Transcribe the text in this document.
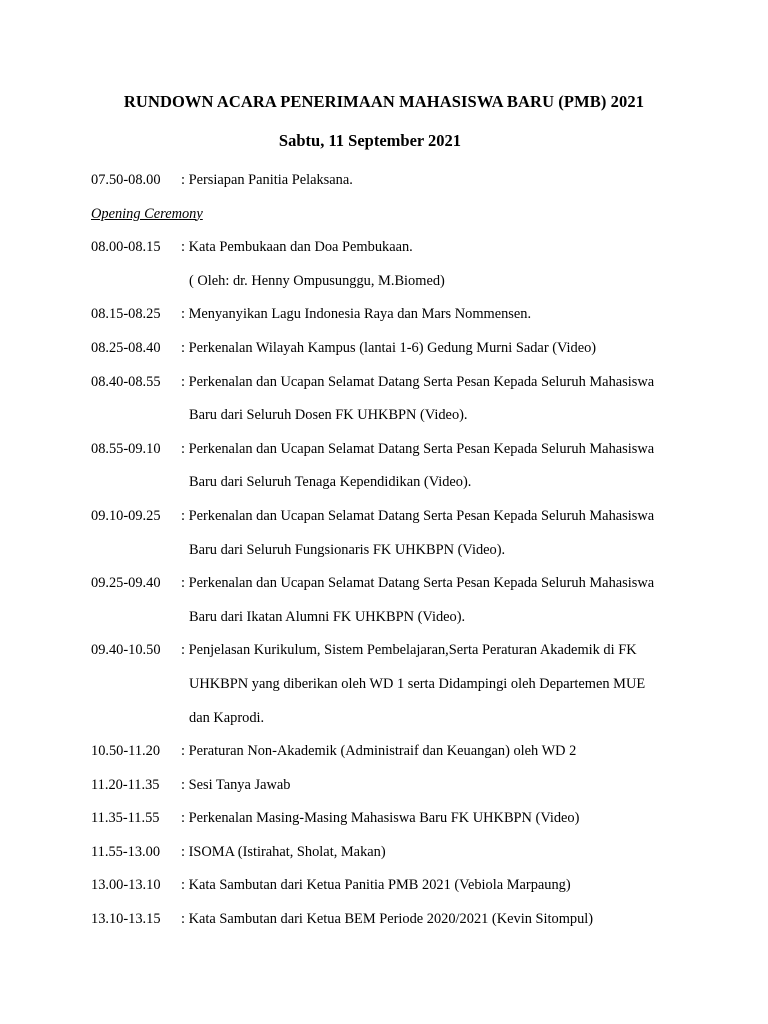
RUNDOWN ACARA PENERIMAAN MAHASISWA BARU (PMB) 2021
Sabtu, 11 September 2021
07.50-08.00	: Persiapan Panitia Pelaksana.
Opening Ceremony
08.00-08.15	: Kata Pembukaan dan Doa Pembukaan.
( Oleh: dr. Henny Ompusunggu, M.Biomed)
08.15-08.25	: Menyanyikan Lagu Indonesia Raya dan Mars Nommensen.
08.25-08.40	: Perkenalan Wilayah Kampus (lantai 1-6) Gedung Murni Sadar (Video)
08.40-08.55	: Perkenalan dan Ucapan Selamat Datang Serta Pesan Kepada Seluruh Mahasiswa
Baru dari Seluruh Dosen FK UHKBPN (Video).
08.55-09.10	: Perkenalan dan Ucapan Selamat Datang Serta Pesan Kepada Seluruh Mahasiswa
Baru dari Seluruh Tenaga Kependidikan (Video).
09.10-09.25	: Perkenalan dan Ucapan Selamat Datang Serta Pesan Kepada Seluruh Mahasiswa
Baru dari Seluruh Fungsionaris FK UHKBPN (Video).
09.25-09.40	: Perkenalan dan Ucapan Selamat Datang Serta Pesan Kepada Seluruh Mahasiswa
Baru dari Ikatan Alumni FK UHKBPN (Video).
09.40-10.50	: Penjelasan Kurikulum, Sistem Pembelajaran,Serta Peraturan Akademik di FK
UHKBPN yang diberikan oleh WD 1 serta Didampingi oleh Departemen MUE
dan Kaprodi.
10.50-11.20	: Peraturan Non-Akademik (Administraif dan Keuangan) oleh WD 2
11.20-11.35	: Sesi Tanya Jawab
11.35-11.55	: Perkenalan Masing-Masing Mahasiswa Baru FK UHKBPN (Video)
11.55-13.00	: ISOMA (Istirahat, Sholat, Makan)
13.00-13.10	: Kata Sambutan dari Ketua Panitia PMB 2021 (Vebiola Marpaung)
13.10-13.15	: Kata Sambutan dari Ketua BEM Periode 2020/2021 (Kevin Sitompul)
